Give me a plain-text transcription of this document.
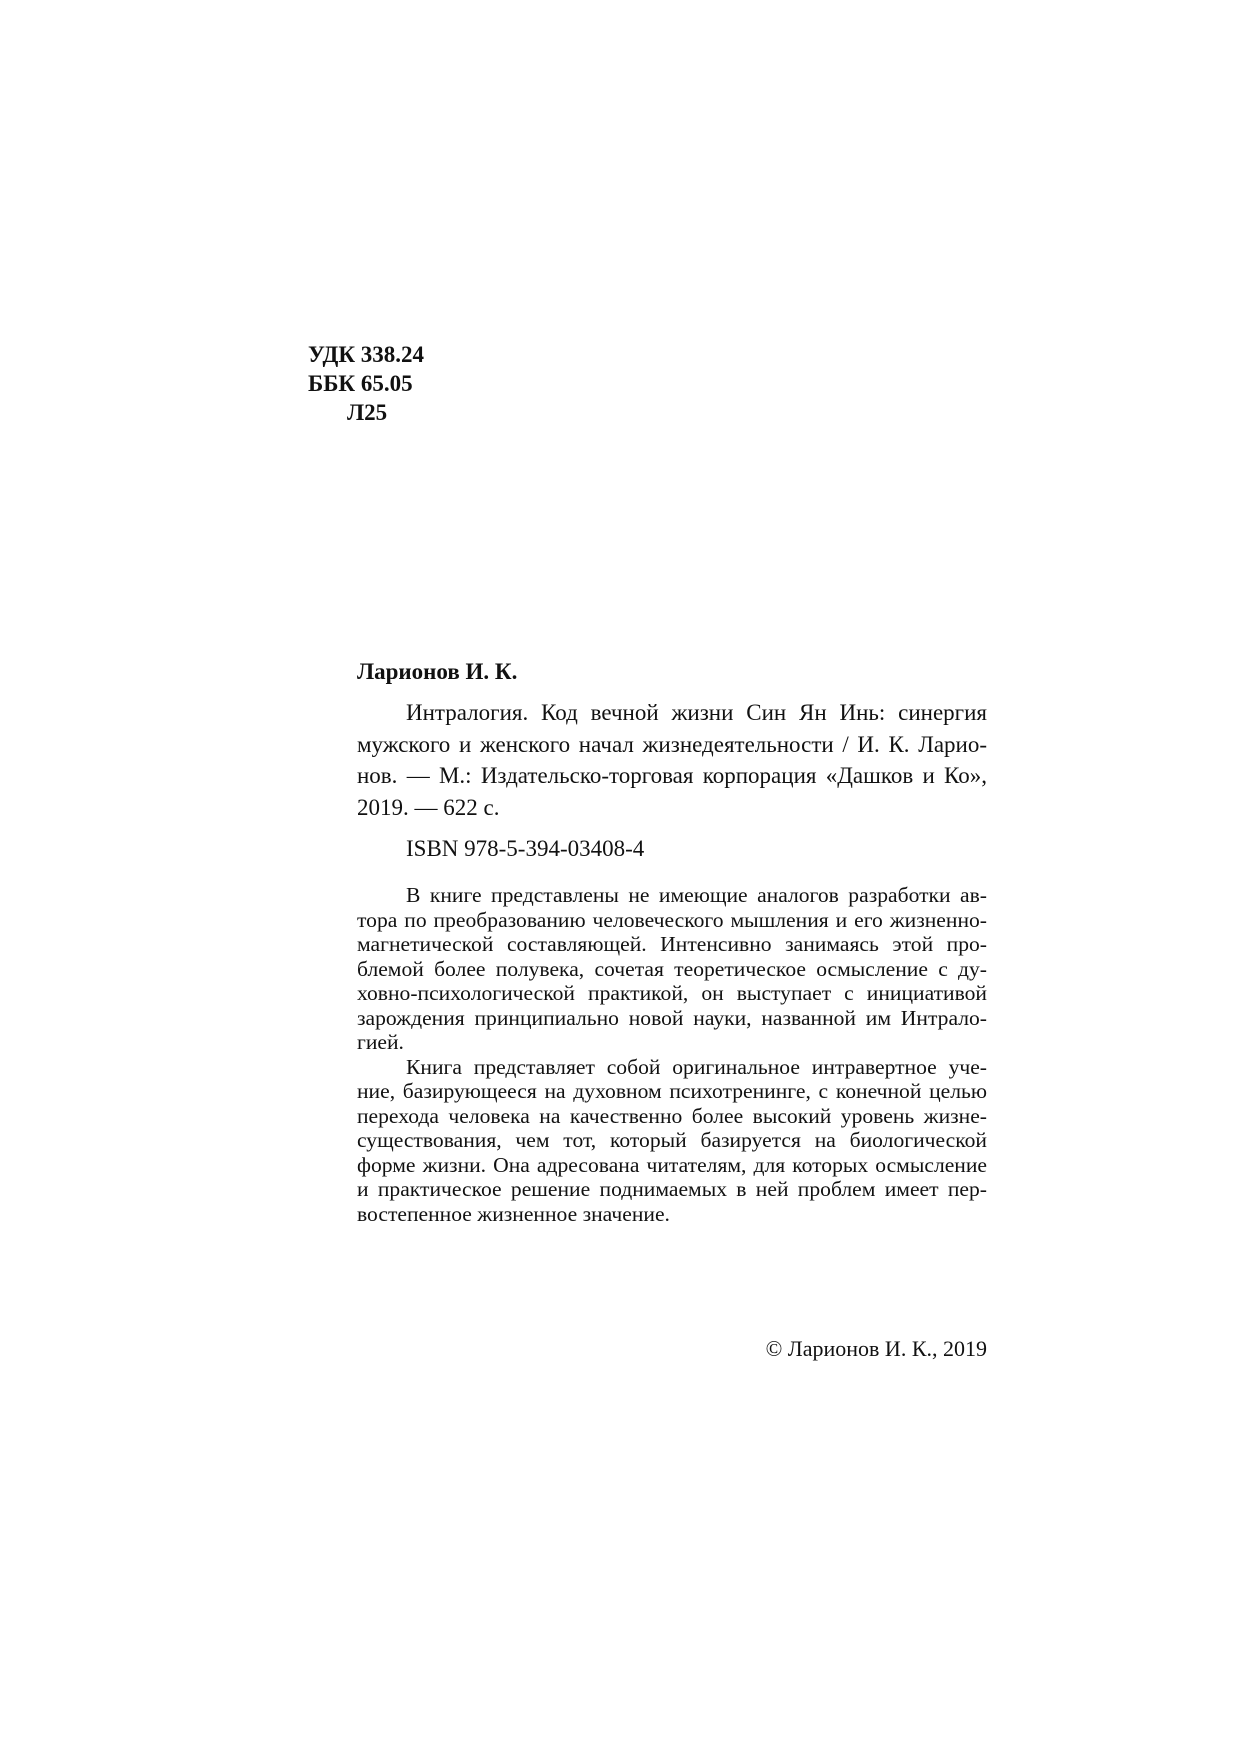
УДК 338.24
ББК 65.05
Л25
Ларионов И. К.
Интралогия. Код вечной жизни Син Ян Инь: синергия
мужского и женского начал жизнедеятельности / И. К. Ларио-
нов. — М.: Издательско-торговая корпорация «Дашков и Ко»,
2019. — 622 с.
ISBN 978-5-394-03408-4
В книге представлены не имеющие аналогов разработки ав-
тора по преобразованию человеческого мышления и его жизненно-
магнетической составляющей. Интенсивно занимаясь этой про-
блемой более полувека, сочетая теоретическое осмысление с ду-
ховно-психологической практикой, он выступает с инициативой
зарождения принципиально новой науки, названной им Интрало-
гией.
Книга представляет собой оригинальное интравертное уче-
ние, базирующееся на духовном психотренинге, с конечной целью
перехода человека на качественно более высокий уровень жизне-
существования, чем тот, который базируется на биологической
форме жизни. Она адресована читателям, для которых осмысление
и практическое решение поднимаемых в ней проблем имеет пер-
востепенное жизненное значение.
© Ларионов И. К., 2019
